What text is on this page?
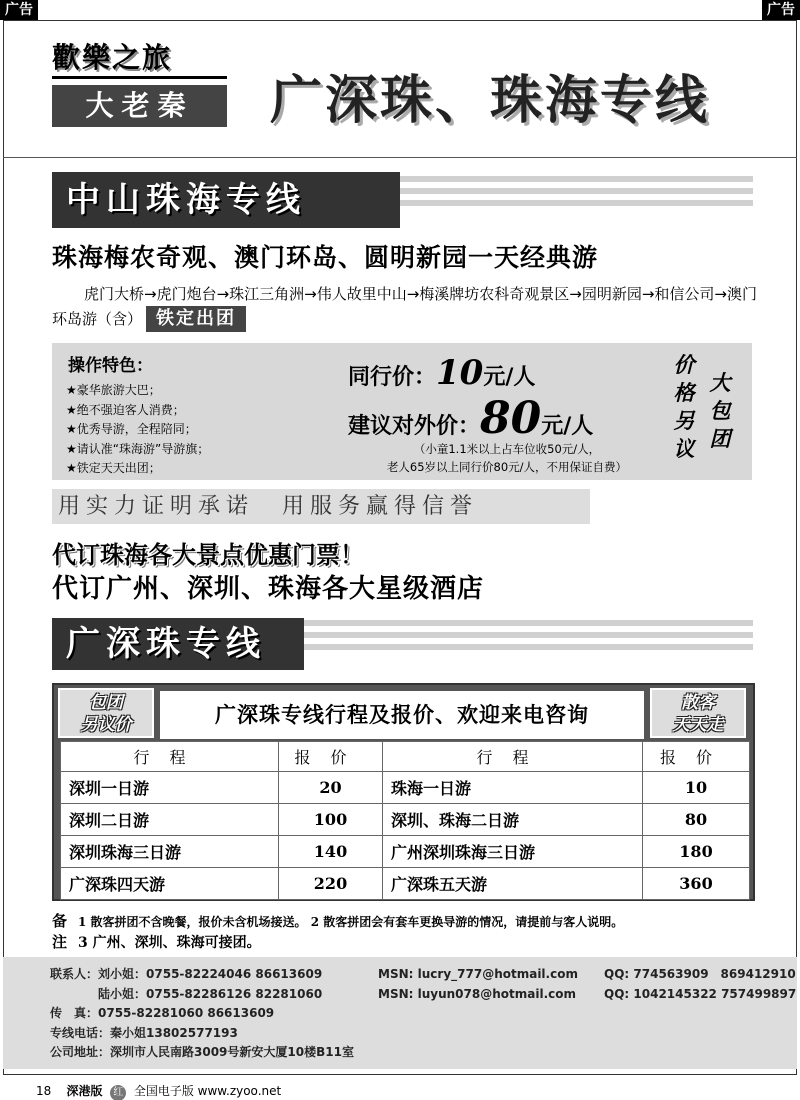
广告	广告
歡樂之旅
大老秦	广深珠、珠海专线
中山珠海专线
珠海梅农奇观、澳门环岛、圆明新园一天经典游
虎门大桥→虎门炮台→珠江三角洲→伟人故里中山→梅溪牌坊农科奇观景区→园明新园→和信公司→澳门环岛游（含） 铁定出团
操作特色：
★豪华旅游大巴；
★绝不强迫客人消费；
★优秀导游，全程陪同；
★请认准“珠海游”导游旗；
★铁定天天出团；
同行价：10元/人
建议对外价：80元/人
（小童1.1米以上占车位收50元/人，
老人65岁以上同行价80元/人，不用保证自费）
价格另议
大包团
用实力证明承诺　用服务赢得信誉
代订珠海各大景点优惠门票！
代订广州、深圳、珠海各大星级酒店
广深珠专线
包团
另议价	广深珠专线行程及报价、欢迎来电咨询	散客
天天走
行程	报价	行程	报价
深圳一日游	20	珠海一日游	10
深圳二日游	100	深圳、珠海二日游	80
深圳珠海三日游	140	广州深圳珠海三日游	180
广深珠四天游	220	广深珠五天游	360
备 1 散客拼团不含晚餐，报价未含机场接送。 2 散客拼团会有套车更换导游的情况，请提前与客人说明。
注 3 广州、深圳、珠海可接团。
联系人：刘小姐：0755-82224046 86613609	MSN: lucry_777@hotmail.com QQ: 774563909　869412910
陆小姐：0755-82286126 82281060	MSN: luyun078@hotmail.com QQ: 1042145322 757499897
传　真：0755-82281060 86613609
专线电话：秦小姐13802577193
公司地址：深圳市人民南路3009号新安大厦10楼B11室
18 深港版 红 全国电子版 www.zyoo.net
